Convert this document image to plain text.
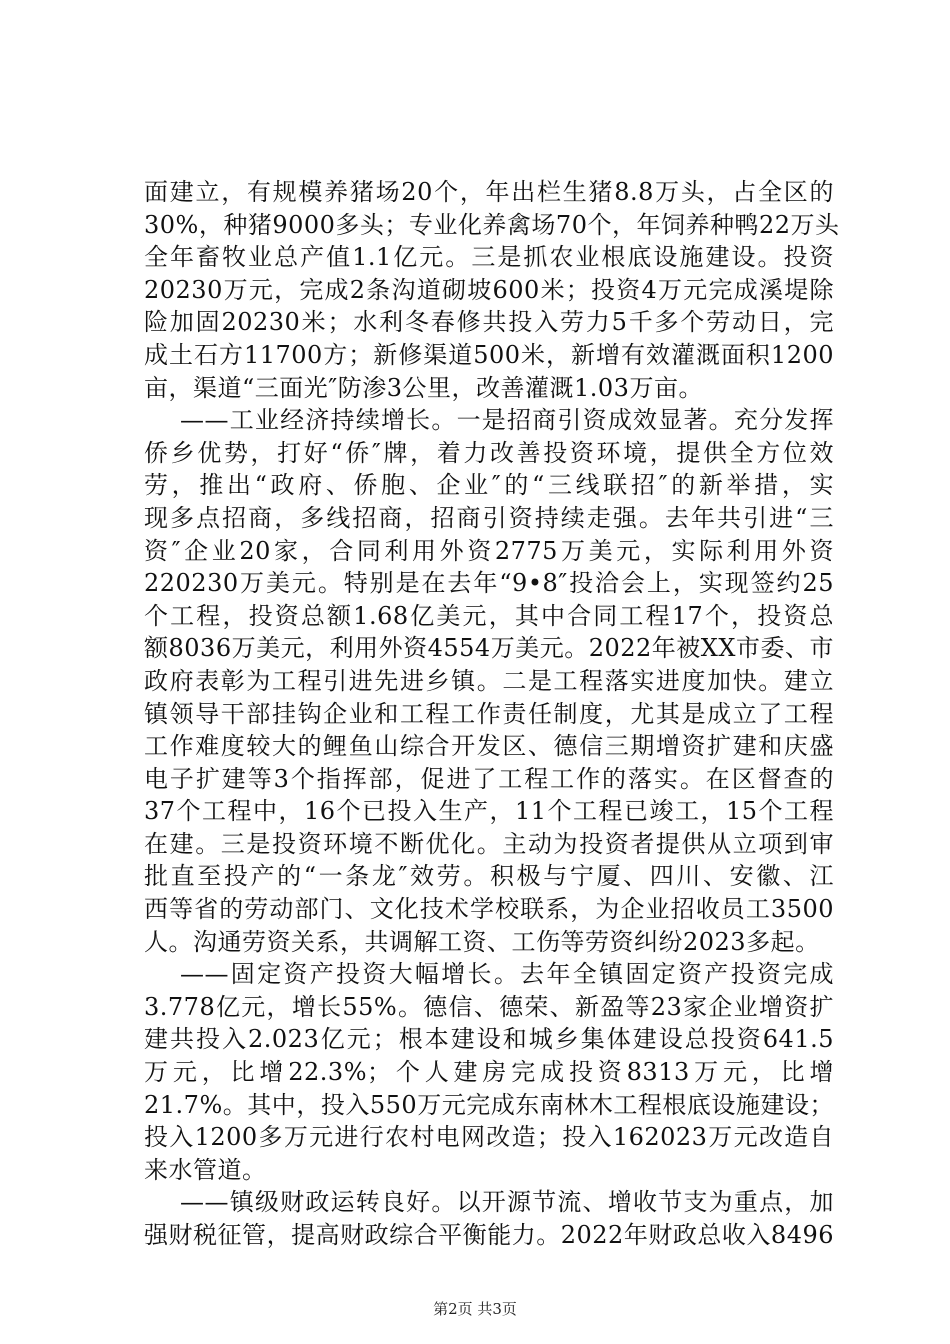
面建立，有规模养猪场20个，年出栏生猪8.8万头，占全区的
30%，种猪9000多头；专业化养禽场70个，年饲养种鸭22万头
全年畜牧业总产值1.1亿元。三是抓农业根底设施建设。投资
20230万元，完成2条沟道砌坡600米；投资4万元完成溪堤除
险加固20230米；水利冬春修共投入劳力5千多个劳动日，完
成土石方11700方；新修渠道500米，新增有效灌溉面积1200
亩，渠道“三面光″防渗3公里，改善灌溉1.03万亩。
——工业经济持续增长。一是招商引资成效显著。充分发挥
侨乡优势，打好“侨″牌，着力改善投资环境，提供全方位效
劳，推出“政府、侨胞、企业″的“三线联招″的新举措，实
现多点招商，多线招商，招商引资持续走强。去年共引进“三
资″企业20家，合同利用外资2775万美元，实际利用外资
220230万美元。特别是在去年“9•8″投洽会上，实现签约25
个工程，投资总额1.68亿美元，其中合同工程17个，投资总
额8036万美元，利用外资4554万美元。2022年被XX市委、市
政府表彰为工程引进先进乡镇。二是工程落实进度加快。建立
镇领导干部挂钩企业和工程工作责任制度，尤其是成立了工程
工作难度较大的鲤鱼山综合开发区、德信三期增资扩建和庆盛
电子扩建等3个指挥部，促进了工程工作的落实。在区督查的
37个工程中，16个已投入生产，11个工程已竣工，15个工程
在建。三是投资环境不断优化。主动为投资者提供从立项到审
批直至投产的“一条龙″效劳。积极与宁厦、四川、安徽、江
西等省的劳动部门、文化技术学校联系，为企业招收员工3500
人。沟通劳资关系，共调解工资、工伤等劳资纠纷2023多起。
——固定资产投资大幅增长。去年全镇固定资产投资完成
3.778亿元，增长55%。德信、德荣、新盈等23家企业增资扩
建共投入2.023亿元；根本建设和城乡集体建设总投资641.5
万元，比增22.3%；个人建房完成投资8313万元，比增
21.7%。其中，投入550万元完成东南林木工程根底设施建设；
投入1200多万元进行农村电网改造；投入162023万元改造自
来水管道。
——镇级财政运转良好。以开源节流、增收节支为重点，加
强财税征管，提高财政综合平衡能力。2022年财政总收入8496
第2页 共3页
